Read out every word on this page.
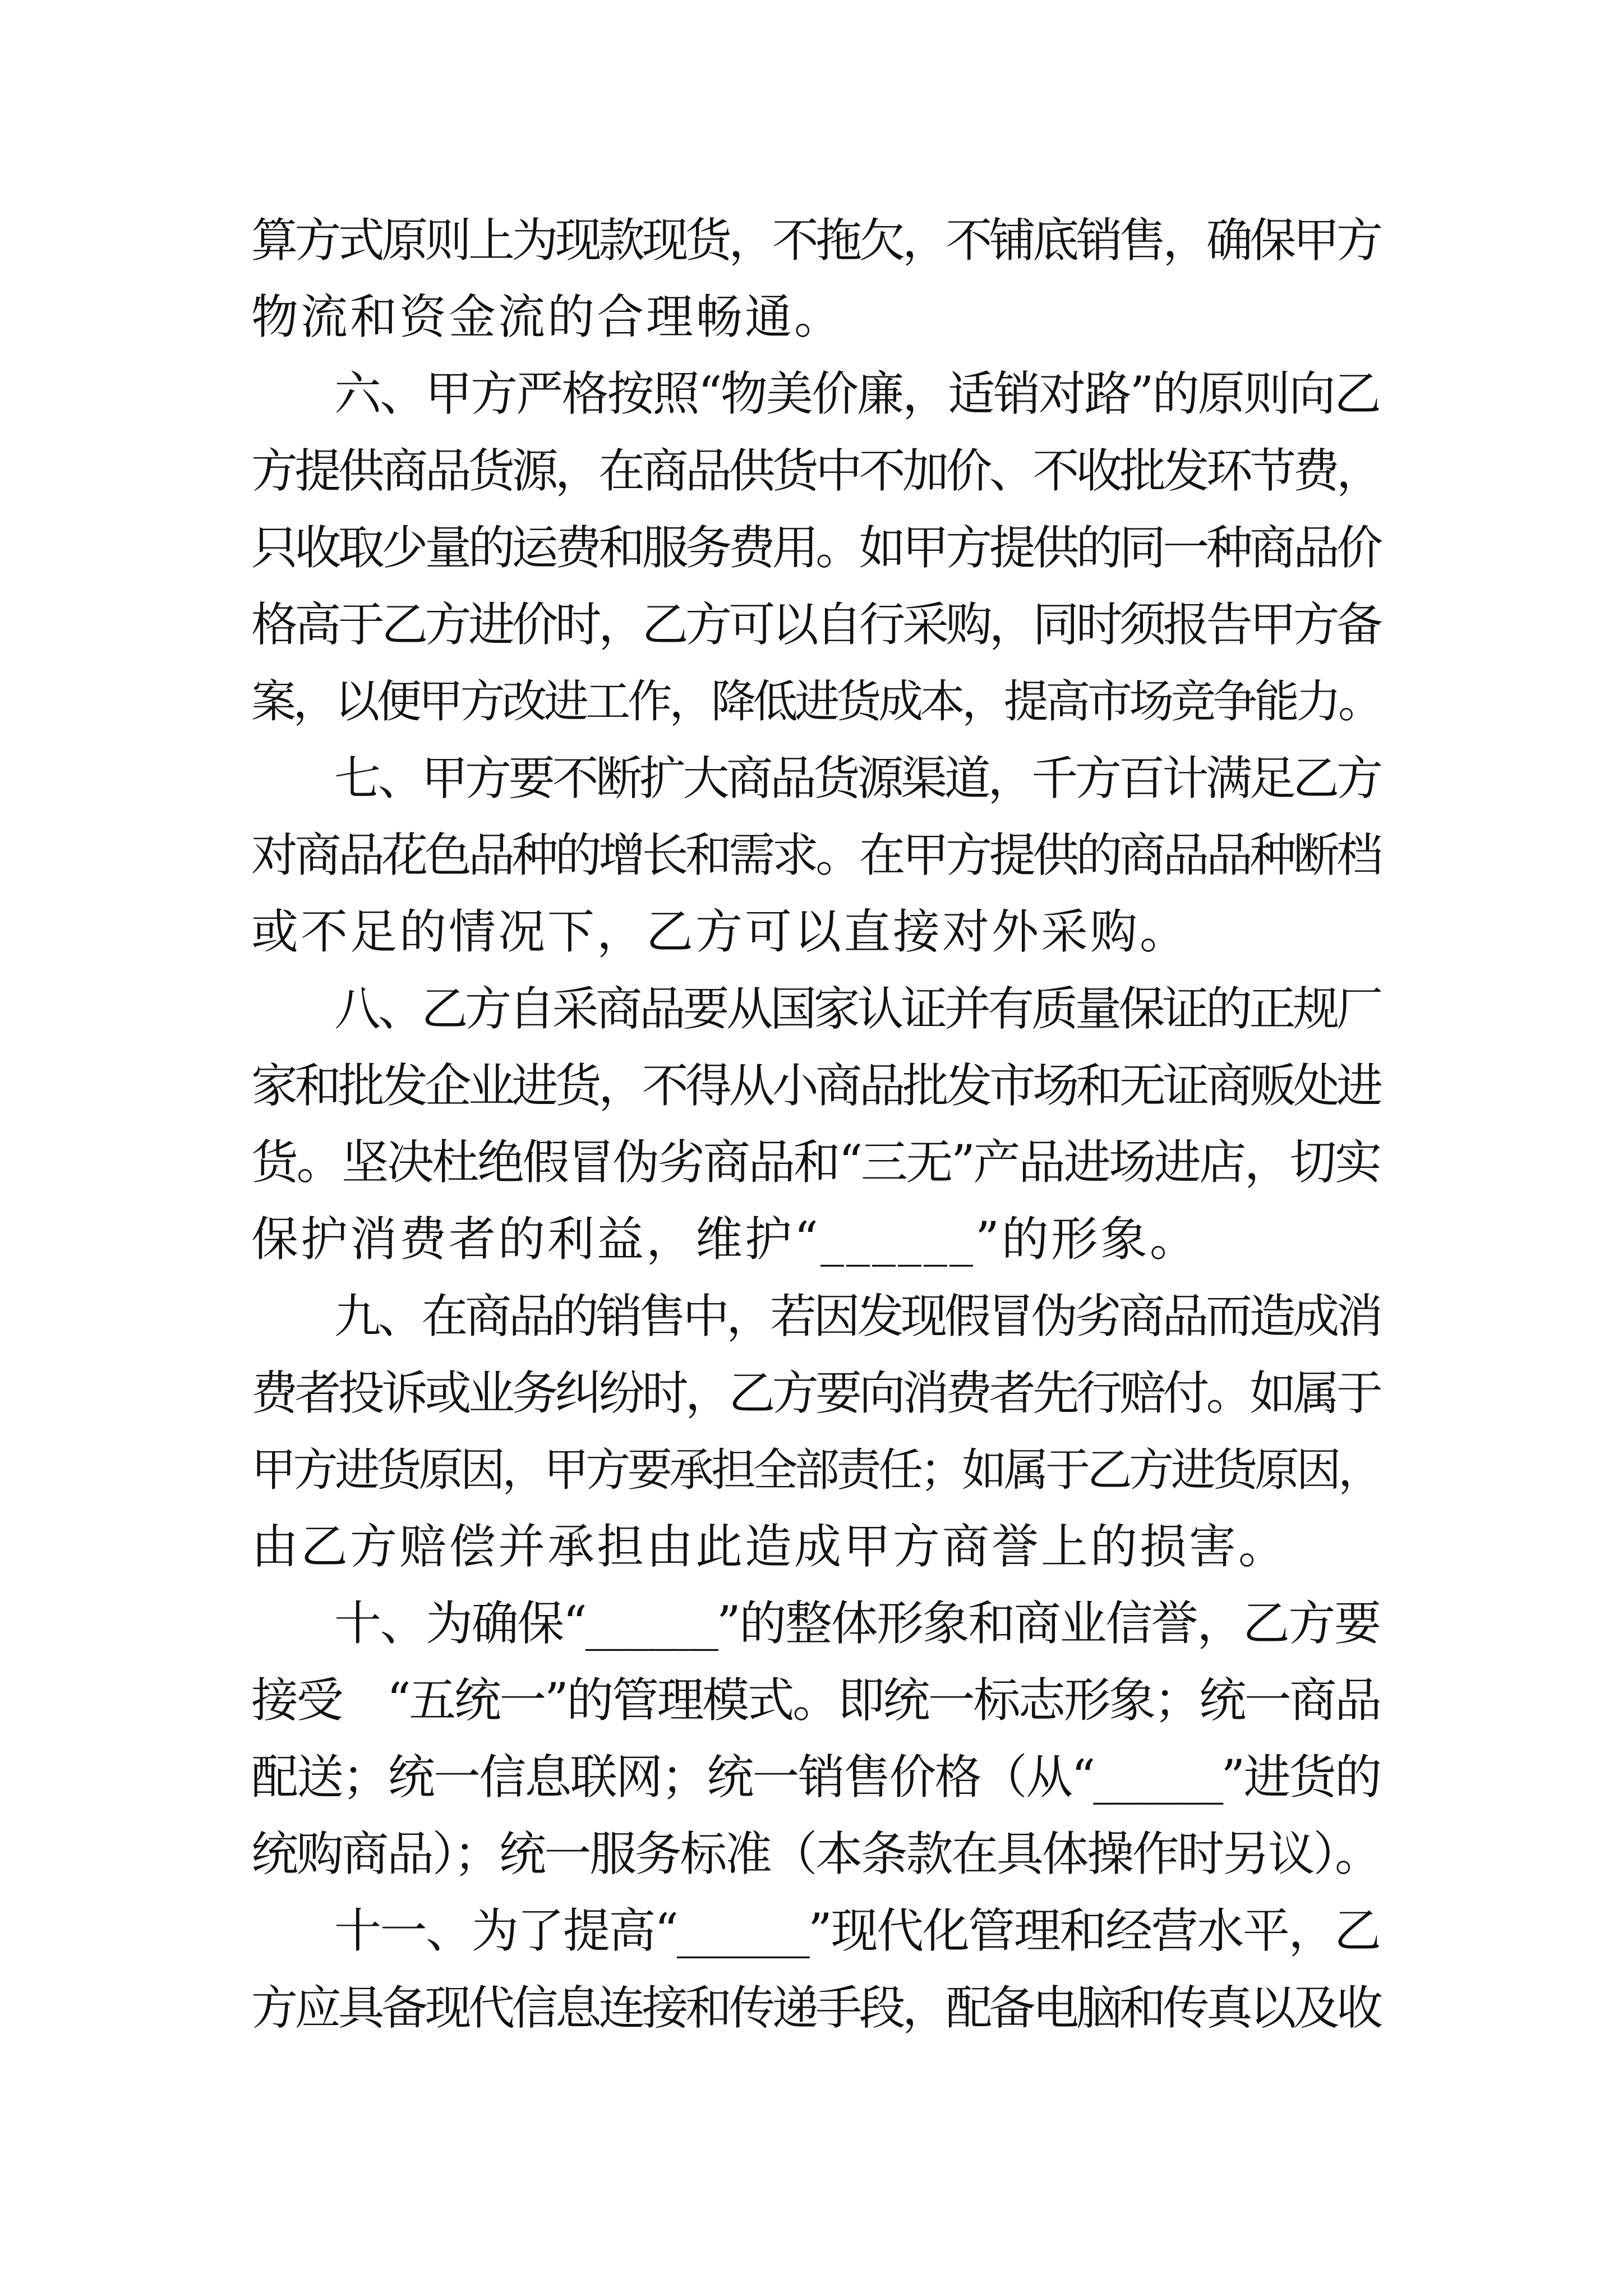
算方式原则上为现款现货，不拖欠，不铺底销售，确保甲方
物流和资金流的合理畅通。
六、甲方严格按照“物美价廉，适销对路”的原则向乙
方提供商品货源，在商品供货中不加价、不收批发环节费，
只收取少量的运费和服务费用。如甲方提供的同一种商品价
格高于乙方进价时，乙方可以自行采购，同时须报告甲方备
案，以便甲方改进工作，降低进货成本，提高市场竞争能力。
七、甲方要不断扩大商品货源渠道，千方百计满足乙方
对商品花色品种的增长和需求。在甲方提供的商品品种断档
或不足的情况下，乙方可以直接对外采购。
八、乙方自采商品要从国家认证并有质量保证的正规厂
家和批发企业进货，不得从小商品批发市场和无证商贩处进
货。坚决杜绝假冒伪劣商品和“三无”产品进场进店，切实
保护消费者的利益，维护“______”的形象。
九、在商品的销售中，若因发现假冒伪劣商品而造成消
费者投诉或业务纠纷时，乙方要向消费者先行赔付。如属于
甲方进货原因，甲方要承担全部责任；如属于乙方进货原因，
由乙方赔偿并承担由此造成甲方商誉上的损害。
十、为确保“______”的整体形象和商业信誉，乙方要
接受　“五统一”的管理模式。即统一标志形象；统一商品
配送；统一信息联网；统一销售价格（从“______”进货的
统购商品）；统一服务标准（本条款在具体操作时另议）。
十一、为了提高“______”现代化管理和经营水平，乙
方应具备现代信息连接和传递手段，配备电脑和传真以及收
